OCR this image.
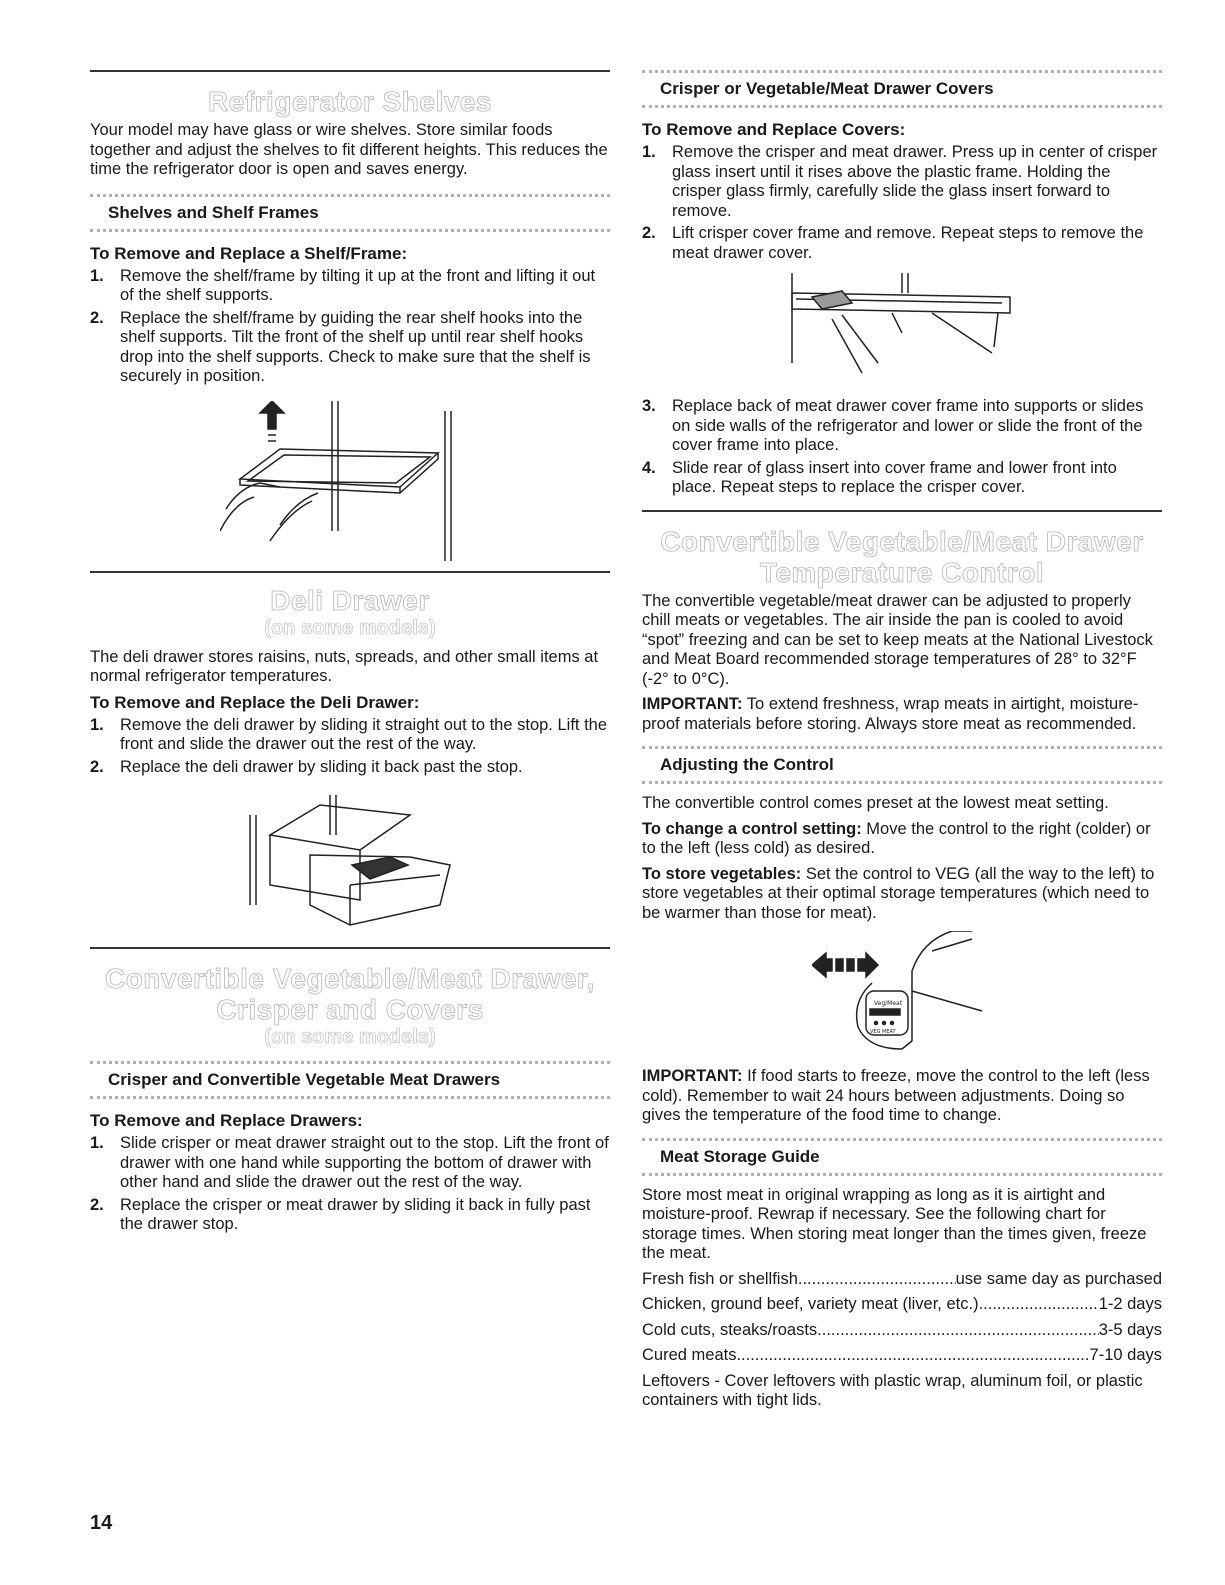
Refrigerator Shelves

Your model may have glass or wire shelves. Store similar foods together and adjust the shelves to fit different heights. This reduces the time the refrigerator door is open and saves energy.

Shelves and Shelf Frames
To Remove and Replace a Shelf/Frame:
1. Remove the shelf/frame by tilting it up at the front and lifting it out of the shelf supports.
2. Replace the shelf/frame by guiding the rear shelf hooks into the shelf supports. Tilt the front of the shelf up until rear shelf hooks drop into the shelf supports. Check to make sure that the shelf is securely in position.
Deli Drawer
(on some models)

The deli drawer stores raisins, nuts, spreads, and other small items at normal refrigerator temperatures.

To Remove and Replace the Deli Drawer:
1. Remove the deli drawer by sliding it straight out to the stop. Lift the front and slide the drawer out the rest of the way.
2. Replace the deli drawer by sliding it back past the stop.
Convertible Vegetable/Meat Drawer,
Crisper and Covers
(on some models)
Crisper and Convertible Vegetable Meat Drawers
To Remove and Replace Drawers:
1. Slide crisper or meat drawer straight out to the stop. Lift the front of drawer with one hand while supporting the bottom of drawer with other hand and slide the drawer out the rest of the way.
2. Replace the crisper or meat drawer by sliding it back in fully past the drawer stop.
Crisper or Vegetable/Meat Drawer Covers
To Remove and Replace Covers:
1. Remove the crisper and meat drawer. Press up in center of crisper glass insert until it rises above the plastic frame. Holding the crisper glass firmly, carefully slide the glass insert forward to remove.
2. Lift crisper cover frame and remove. Repeat steps to remove the meat drawer cover.
3. Replace back of meat drawer cover frame into supports or slides on side walls of the refrigerator and lower or slide the front of the cover frame into place.
4. Slide rear of glass insert into cover frame and lower front into place. Repeat steps to replace the crisper cover.
Convertible Vegetable/Meat Drawer
Temperature Control

The convertible vegetable/meat drawer can be adjusted to properly chill meats or vegetables. The air inside the pan is cooled to avoid “spot” freezing and can be set to keep meats at the National Livestock and Meat Board recommended storage temperatures of 28° to 32°F (-2° to 0°C).

IMPORTANT: To extend freshness, wrap meats in airtight, moisture-proof materials before storing. Always store meat as recommended.

Adjusting the Control

The convertible control comes preset at the lowest meat setting.

To change a control setting: Move the control to the right (colder) or to the left (less cold) as desired.

To store vegetables: Set the control to VEG (all the way to the left) to store vegetables at their optimal storage temperatures (which need to be warmer than those for meat).

Veg/Meat
VEG MEAT

IMPORTANT: If food starts to freeze, move the control to the left (less cold). Remember to wait 24 hours between adjustments. Doing so gives the temperature of the food time to change.

Meat Storage Guide

Store most meat in original wrapping as long as it is airtight and moisture-proof. Rewrap if necessary. See the following chart for storage times. When storing meat longer than the times given, freeze the meat.

Fresh fish or shellfish .....	use same day as purchased
Chicken, ground beef, variety meat (liver, etc.) .....	1-2 days
Cold cuts, steaks/roasts .....	3-5 days
Cured meats .....	7-10 days

Leftovers - Cover leftovers with plastic wrap, aluminum foil, or plastic containers with tight lids.

14
